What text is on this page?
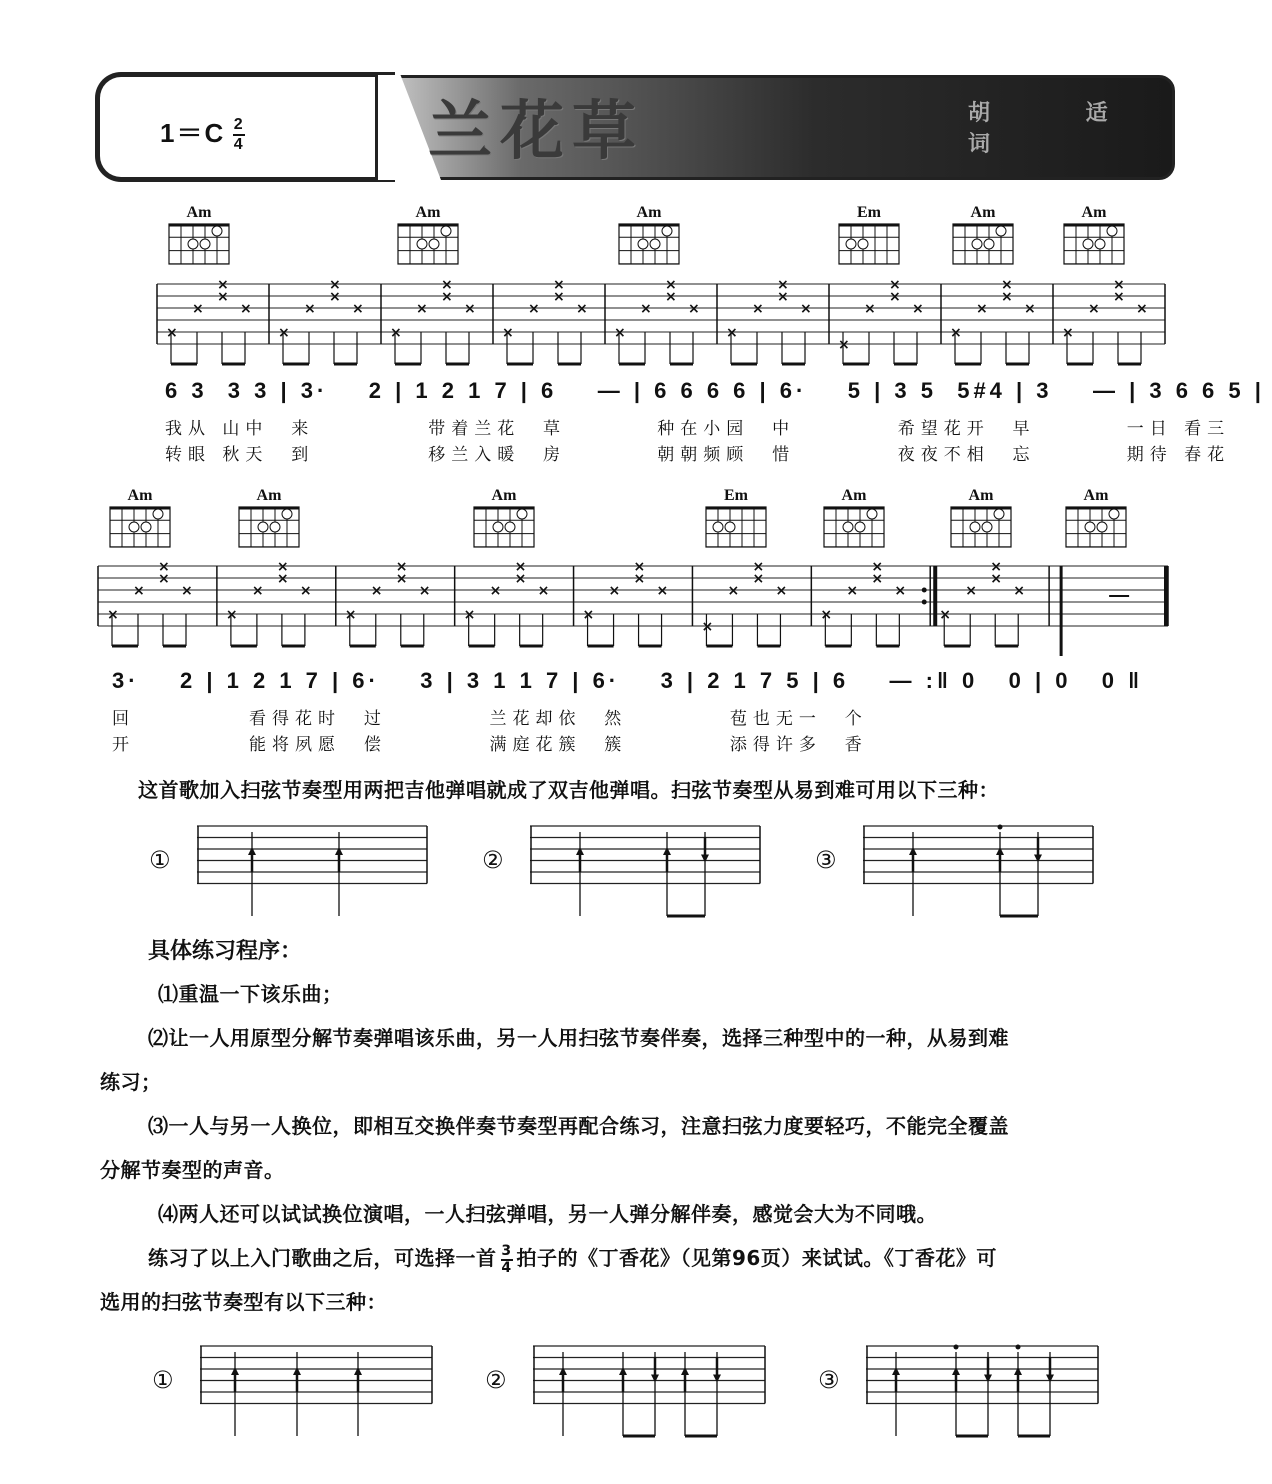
$1=C \frac{2}{4}$	兰花草	胡 适 词
Am	Am	Am	Em	Am	Am
×
×
×
×
×
×
×
×
×
×
×
×
×
×
×
×
×
×
×
×
×
×
×
×
×
×
×
×
×
×
×
×
×
×
×
×
×
×
×
×
×
×
×
×
×
6 3  3 3 | 3·    2 | 1 2 1 7 | 6    — | 6 6 6 6 | 6·    5 | 3 5  5#4 | 3    — | 3 6 6 5 |
我从 山中  来          带着兰花  草        种在小园  中         希望花开  早        一日 看三
转眼 秋天  到          移兰入暖  房        朝朝频顾  惜         夜夜不相  忘        期待 春花
Am	Am	Am	Em	Am	Am	Am
×
×
×
×
×
×
×
×
×
×
×
×
×
×
×
×
×
×
×
×
×
×
×
×
×
×
×
×
×
×
×
×
×
×
×
×
×
×
×
×
3·    2 | 1 2 1 7 | 6·    3 | 3 1 1 7 | 6·    3 | 2 1 7 5 | 6    — :‖ 0   0 | 0   0 ‖
回          看得花时  过         兰花却依  然         苞也无一  个
开          能将夙愿  偿         满庭花簇  簇         添得许多  香
这首歌加入扫弦节奏型用两把吉他弹唱就成了双吉他弹唱。扫弦节奏型从易到难可用以下三种：
①	②	③
具体练习程序：
⑴重温一下该乐曲；
⑵让一人用原型分解节奏弹唱该乐曲，另一人用扫弦节奏伴奏，选择三种型中的一种，从易到难
练习；
⑶一人与另一人换位，即相互交换伴奏节奏型再配合练习，注意扫弦力度要轻巧，不能完全覆盖
分解节奏型的声音。
⑷两人还可以试试换位演唱，一人扫弦弹唱，另一人弹分解伴奏，感觉会大为不同哦。
练习了以上入门歌曲之后，可选择一首 $\frac{3}{4}$ 拍子的《丁香花》（见第96页）来试试。《丁香花》可
选用的扫弦节奏型有以下三种：
①	②	③
